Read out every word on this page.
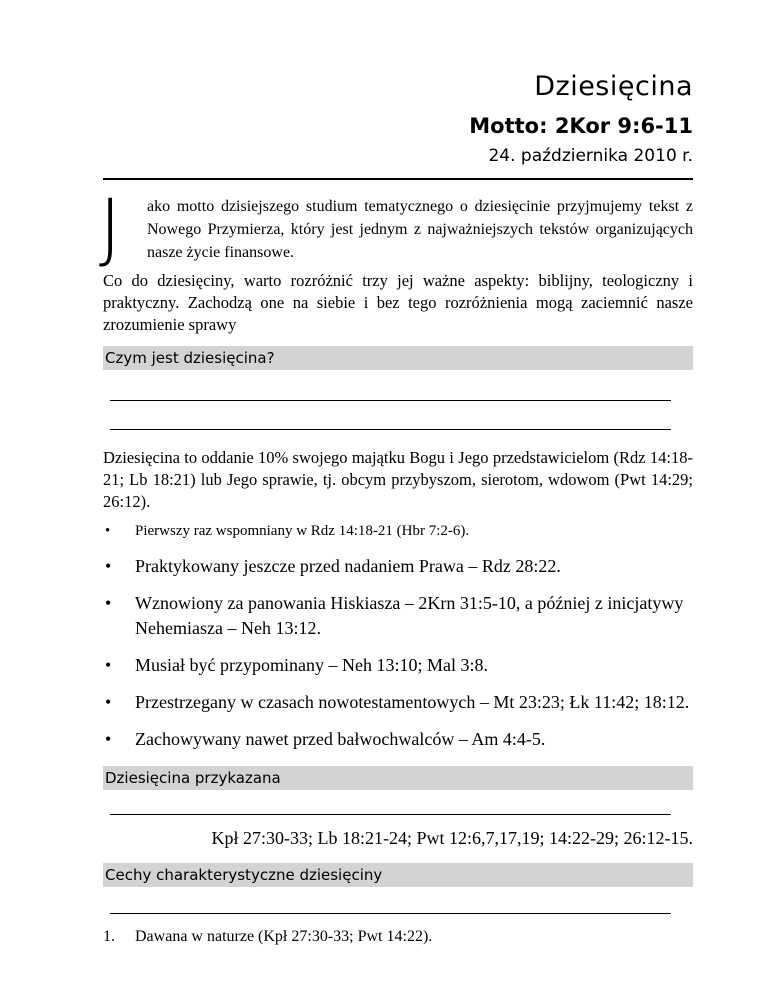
Dziesięcina
Motto: 2Kor 9:6-11
24. października 2010 r.
J ako motto dzisiejszego studium tematycznego o dziesięcinie przyjmujemy tekst z Nowego Przymierza, który jest jednym z najważniejszych tekstów organizujących nasze życie finansowe.
Co do dziesięciny, warto rozróżnić trzy jej ważne aspekty: biblijny, teologiczny i praktyczny. Zachodzą one na siebie i bez tego rozróżnienia mogą zaciemnić nasze zrozumienie sprawy
Czym jest dziesięcina?
Dziesięcina to oddanie 10% swojego majątku Bogu i Jego przedstawicielom (Rdz 14:18-21; Lb 18:21) lub Jego sprawie, tj. obcym przybyszom, sierotom, wdowom (Pwt 14:29; 26:12).
• Pierwszy raz wspomniany w Rdz 14:18-21 (Hbr 7:2-6).
• Praktykowany jeszcze przed nadaniem Prawa – Rdz 28:22.
• Wznowiony za panowania Hiskiasza – 2Krn 31:5-10, a później z inicjatywy Nehemiasza – Neh 13:12.
• Musiał być przypominany – Neh 13:10; Mal 3:8.
• Przestrzegany w czasach nowotestamentowych – Mt 23:23; Łk 11:42; 18:12.
• Zachowywany nawet przed bałwochwalców – Am 4:4-5.
Dziesięcina przykazana
Kpł 27:30-33; Lb 18:21-24; Pwt 12:6,7,17,19; 14:22-29; 26:12-15.
Cechy charakterystyczne dziesięciny
1. Dawana w naturze (Kpł 27:30-33; Pwt 14:22).
